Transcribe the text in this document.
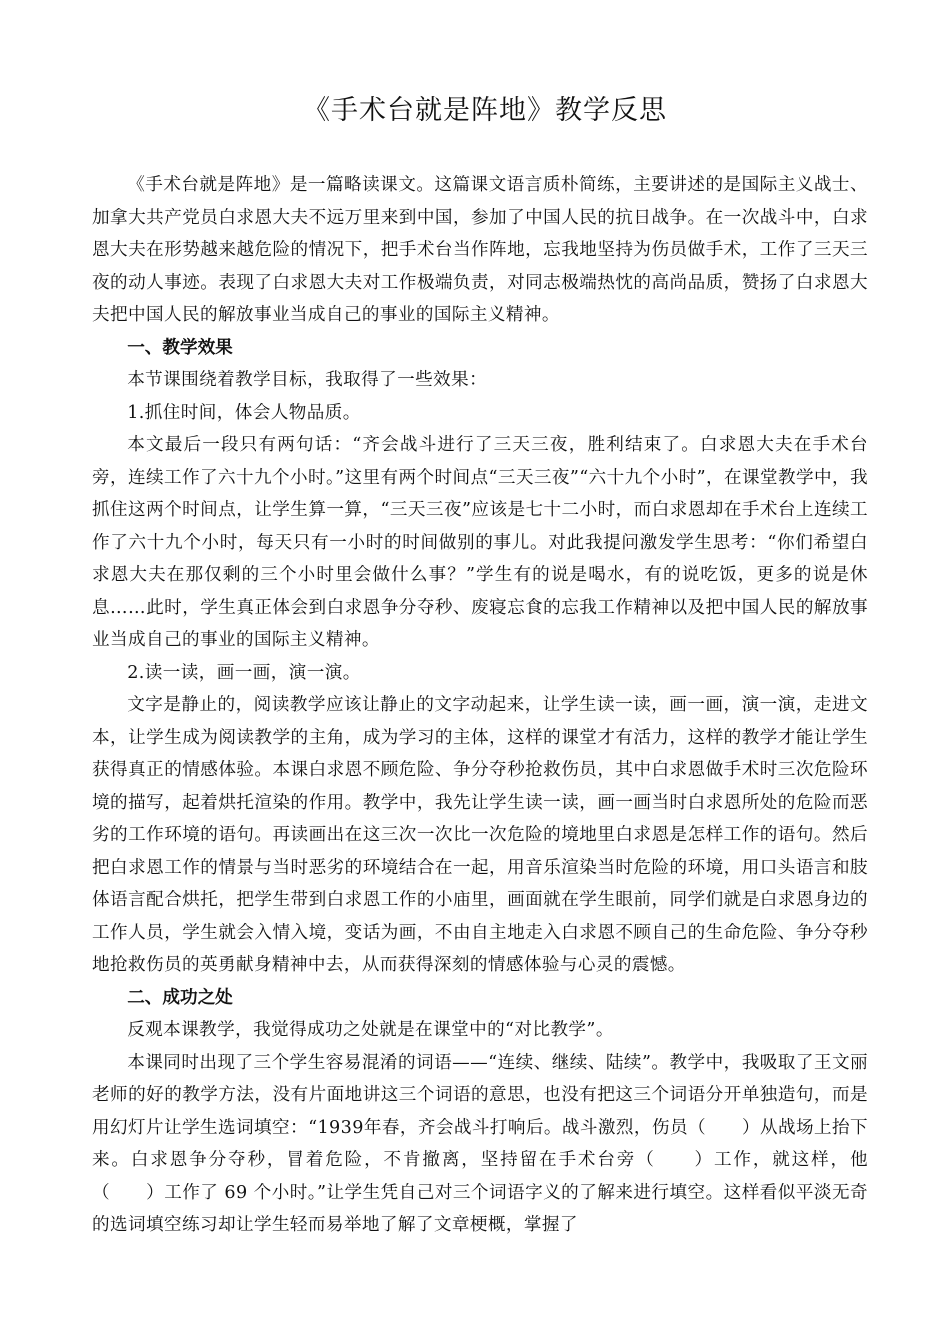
《手术台就是阵地》教学反思

《手术台就是阵地》是一篇略读课文。这篇课文语言质朴简练，主要讲述的是国际主义战士、加拿大共产党员白求恩大夫不远万里来到中国，参加了中国人民的抗日战争。在一次战斗中，白求恩大夫在形势越来越危险的情况下，把手术台当作阵地，忘我地坚持为伤员做手术，工作了三天三夜的动人事迹。表现了白求恩大夫对工作极端负责，对同志极端热忱的高尚品质，赞扬了白求恩大夫把中国人民的解放事业当成自己的事业的国际主义精神。

一、教学效果

本节课围绕着教学目标，我取得了一些效果：

1.抓住时间，体会人物品质。

本文最后一段只有两句话：“齐会战斗进行了三天三夜，胜利结束了。白求恩大夫在手术台旁，连续工作了六十九个小时。”这里有两个时间点“三天三夜”“六十九个小时”，在课堂教学中，我抓住这两个时间点，让学生算一算，“三天三夜”应该是七十二小时，而白求恩却在手术台上连续工作了六十九个小时，每天只有一小时的时间做别的事儿。对此我提问激发学生思考：“你们希望白求恩大夫在那仅剩的三个小时里会做什么事？”学生有的说是喝水，有的说吃饭，更多的说是休息……此时，学生真正体会到白求恩争分夺秒、废寝忘食的忘我工作精神以及把中国人民的解放事业当成自己的事业的国际主义精神。

2.读一读，画一画，演一演。

文字是静止的，阅读教学应该让静止的文字动起来，让学生读一读，画一画，演一演，走进文本，让学生成为阅读教学的主角，成为学习的主体，这样的课堂才有活力，这样的教学才能让学生获得真正的情感体验。本课白求恩不顾危险、争分夺秒抢救伤员，其中白求恩做手术时三次危险环境的描写，起着烘托渲染的作用。教学中，我先让学生读一读，画一画当时白求恩所处的危险而恶劣的工作环境的语句。再读画出在这三次一次比一次危险的境地里白求恩是怎样工作的语句。然后把白求恩工作的情景与当时恶劣的环境结合在一起，用音乐渲染当时危险的环境，用口头语言和肢体语言配合烘托，把学生带到白求恩工作的小庙里，画面就在学生眼前，同学们就是白求恩身边的工作人员，学生就会入情入境，变话为画，不由自主地走入白求恩不顾自己的生命危险、争分夺秒地抢救伤员的英勇献身精神中去，从而获得深刻的情感体验与心灵的震憾。

二、成功之处

反观本课教学，我觉得成功之处就是在课堂中的“对比教学”。

本课同时出现了三个学生容易混淆的词语——“连续、继续、陆续”。教学中，我吸取了王文丽老师的好的教学方法，没有片面地讲这三个词语的意思，也没有把这三个词语分开单独造句，而是用幻灯片让学生选词填空：“1939年春，齐会战斗打响后。战斗激烈，伤员（　　）从战场上抬下来。白求恩争分夺秒，冒着危险，不肯撤离，坚持留在手术台旁（　　）工作，就这样，他（　　）工作了 69 个小时。”让学生凭自己对三个词语字义的了解来进行填空。这样看似平淡无奇的选词填空练习却让学生轻而易举地了解了文章梗概，掌握了
